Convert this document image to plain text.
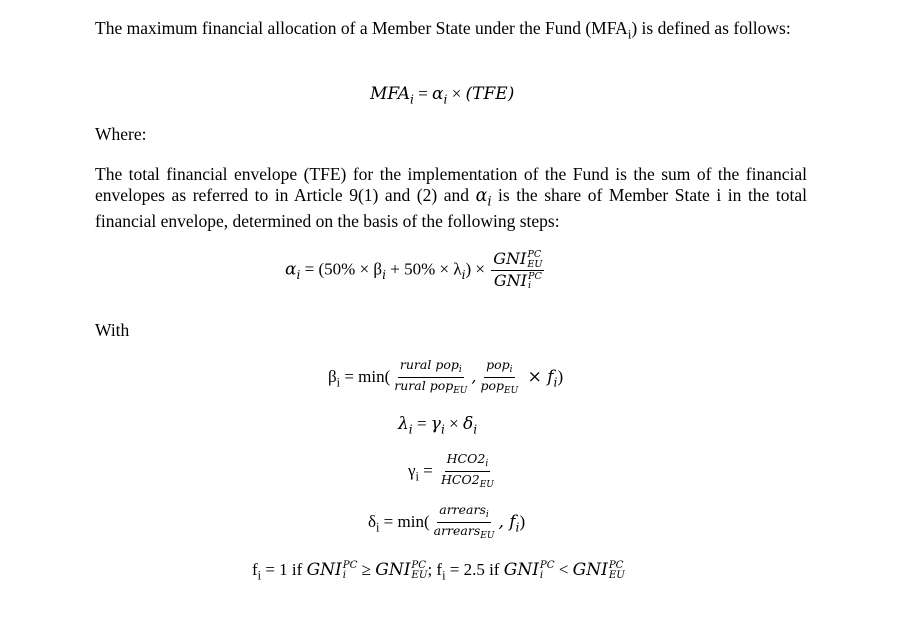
The maximum financial allocation of a Member State under the Fund $(MFA_i)$ is defined as follows:

$MFA_i = \alpha_i \times (TFE)$

Where:

The total financial envelope (TFE) for the implementation of the Fund is the sum of the financial envelopes as referred to in Article 9(1) and (2) and $\alpha_i$ is the share of Member State i in the total financial envelope, determined on the basis of the following steps:

$\alpha_i = (50\% \times \beta_i + 50\% \times \lambda_i)$ × GNI PC
EU
GNI PC
i

With

$\beta_i = \min( \frac{rural pop_i}{rural pop_{EU}}$ , $\frac{pop_i}{pop_{EU}} \times f_i$)
$\lambda_i = \gamma_i \times \delta_i$
$\gamma_i = \frac{HCO2_i}{HCO2_{EU}}$
$\delta_i = \min( \frac{arrears_i}{arrears_{EU}}$ , $f_i$)
$f_i = 1$ if GNI PC
i ≥ GNI PC
EU ; $f_i = 2.5$ if GNI PC
i < GNI PC
EU
